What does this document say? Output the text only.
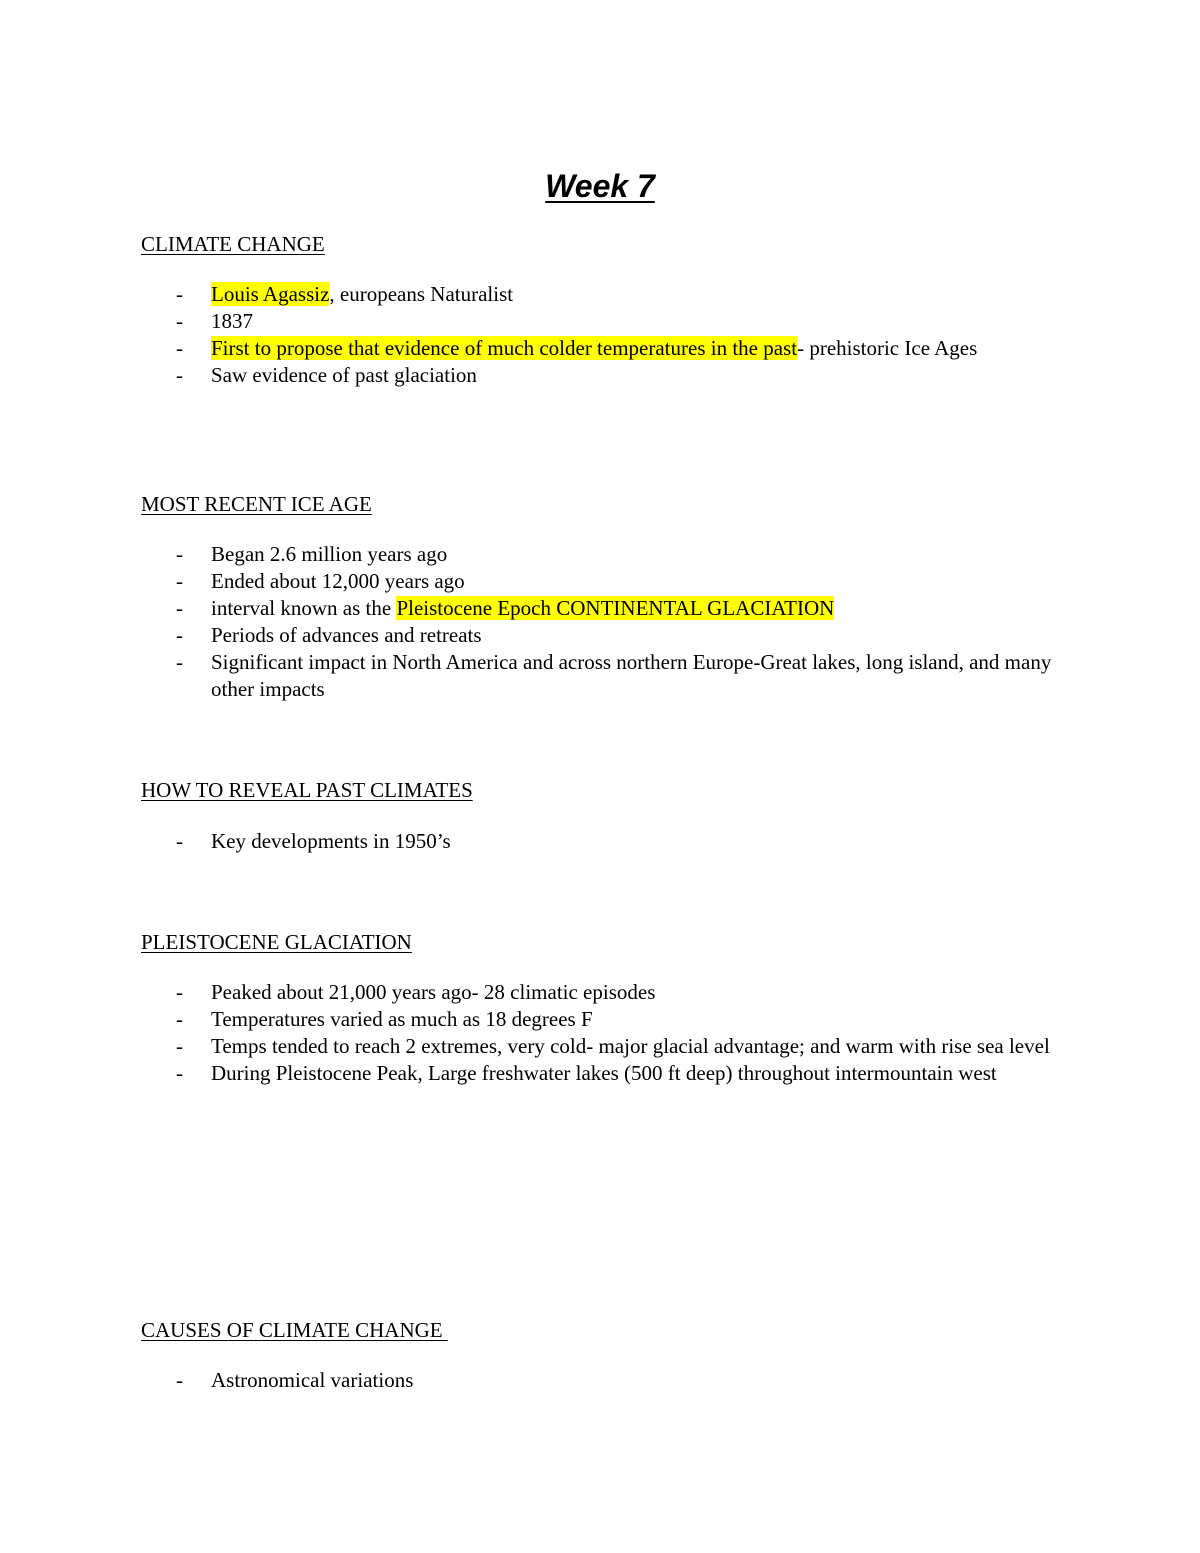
Week 7
CLIMATE CHANGE
- Louis Agassiz, europeans Naturalist
- 1837
- First to propose that evidence of much colder temperatures in the past- prehistoric Ice Ages
- Saw evidence of past glaciation
MOST RECENT ICE AGE
- Began 2.6 million years ago
- Ended about 12,000 years ago
- interval known as the Pleistocene Epoch CONTINENTAL GLACIATION
- Periods of advances and retreats
- Significant impact in North America and across northern Europe-Great lakes, long island, and many other impacts
HOW TO REVEAL PAST CLIMATES
- Key developments in 1950’s
PLEISTOCENE GLACIATION
- Peaked about 21,000 years ago- 28 climatic episodes
- Temperatures varied as much as 18 degrees F
- Temps tended to reach 2 extremes, very cold- major glacial advantage; and warm with rise sea level
- During Pleistocene Peak, Large freshwater lakes (500 ft deep) throughout intermountain west
CAUSES OF CLIMATE CHANGE
- Astronomical variations
